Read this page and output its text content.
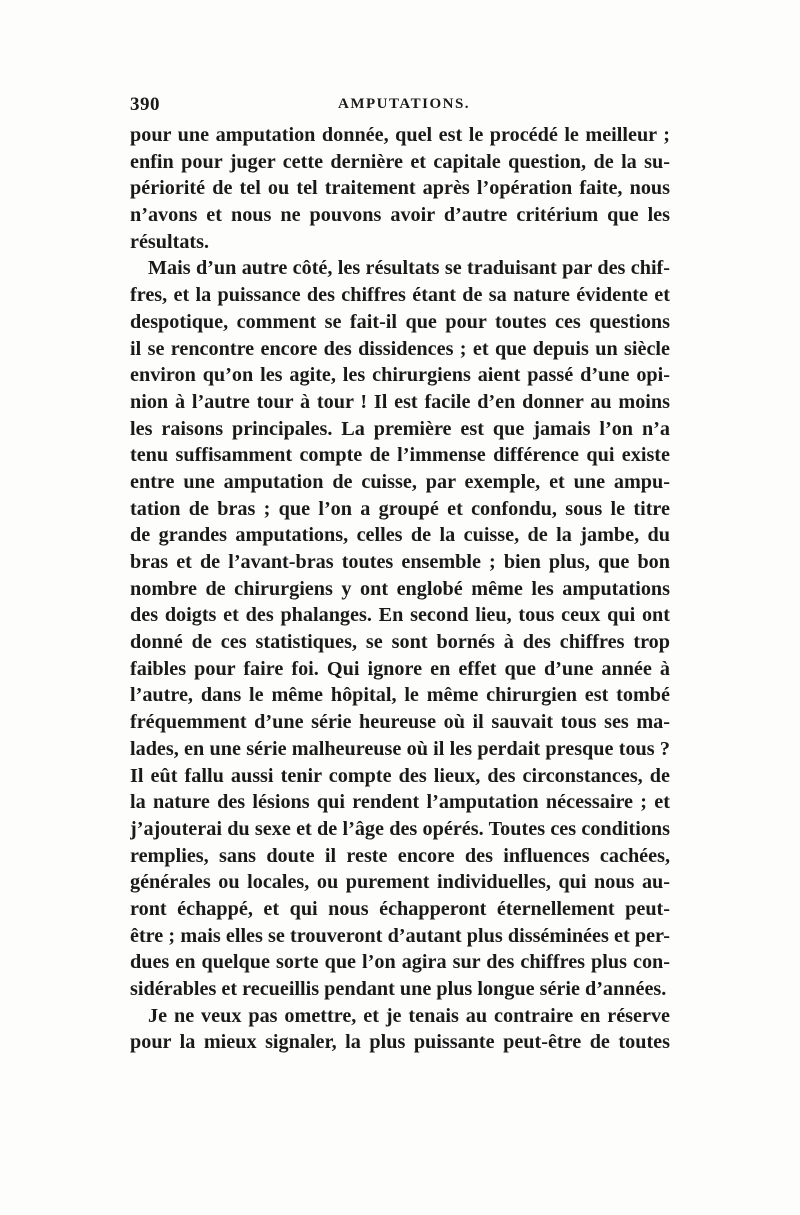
390	AMPUTATIONS.
pour une amputation donnée, quel est le procédé le meilleur ;
enfin pour juger cette dernière et capitale question, de la su-
périorité de tel ou tel traitement après l’opération faite, nous
n’avons et nous ne pouvons avoir d’autre critérium que les
résultats.
Mais d’un autre côté, les résultats se traduisant par des chif-
fres, et la puissance des chiffres étant de sa nature évidente et
despotique, comment se fait-il que pour toutes ces questions
il se rencontre encore des dissidences ; et que depuis un siècle
environ qu’on les agite, les chirurgiens aient passé d’une opi-
nion à l’autre tour à tour ! Il est facile d’en donner au moins
les raisons principales. La première est que jamais l’on n’a
tenu suffisamment compte de l’immense différence qui existe
entre une amputation de cuisse, par exemple, et une ampu-
tation de bras ; que l’on a groupé et confondu, sous le titre
de grandes amputations, celles de la cuisse, de la jambe, du
bras et de l’avant-bras toutes ensemble ; bien plus, que bon
nombre de chirurgiens y ont englobé même les amputations
des doigts et des phalanges. En second lieu, tous ceux qui ont
donné de ces statistiques, se sont bornés à des chiffres trop
faibles pour faire foi. Qui ignore en effet que d’une année à
l’autre, dans le même hôpital, le même chirurgien est tombé
fréquemment d’une série heureuse où il sauvait tous ses ma-
lades, en une série malheureuse où il les perdait presque tous ?
Il eût fallu aussi tenir compte des lieux, des circonstances, de
la nature des lésions qui rendent l’amputation nécessaire ; et
j’ajouterai du sexe et de l’âge des opérés. Toutes ces conditions
remplies, sans doute il reste encore des influences cachées,
générales ou locales, ou purement individuelles, qui nous au-
ront échappé, et qui nous échapperont éternellement peut-
être ; mais elles se trouveront d’autant plus disséminées et per-
dues en quelque sorte que l’on agira sur des chiffres plus con-
sidérables et recueillis pendant une plus longue série d’années.
Je ne veux pas omettre, et je tenais au contraire en réserve
pour la mieux signaler, la plus puissante peut-être de toutes
